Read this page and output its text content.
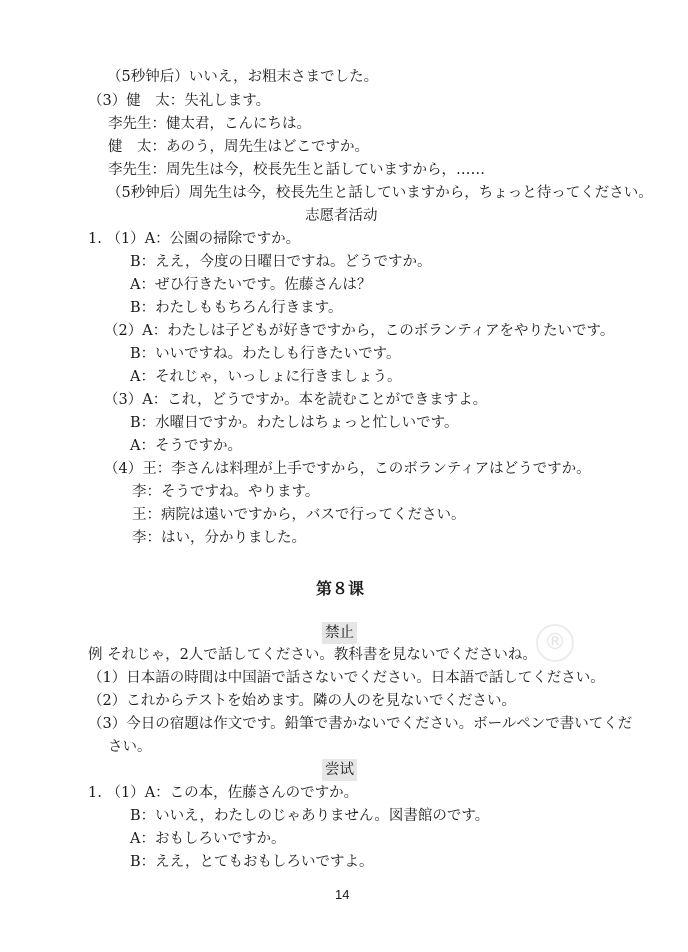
（5秒钟后）いいえ，お粗末さまでした。
（3）健　太：失礼します。
李先生：健太君，こんにちは。
健　太：あのう，周先生はどこですか。
李先生：周先生は今，校長先生と話していますから，……
（5秒钟后）周先生は今，校長先生と話していますから，ちょっと待ってください。
志愿者活动
1. （1）A：公園の掃除ですか。
B：ええ，今度の日曜日ですね。どうですか。
A：ぜひ行きたいです。佐藤さんは？
B：わたしももちろん行きます。
（2）A：わたしは子どもが好きですから，このボランティアをやりたいです。
B：いいですね。わたしも行きたいです。
A：それじゃ，いっしょに行きましょう。
（3）A：これ，どうですか。本を読むことができますよ。
B：水曜日ですか。わたしはちょっと忙しいです。
A：そうですか。
（4）王：李さんは料理が上手ですから，このボランティアはどうですか。
李：そうですね。やります。
王：病院は遠いですから，バスで行ってください。
李：はい，分かりました。
第８课
禁止
例 それじゃ，2人で話してください。教科書を見ないでくださいね。
（1）日本語の時間は中国語で話さないでください。日本語で話してください。
（2）これからテストを始めます。隣の人のを見ないでください。
（3）今日の宿題は作文です。鉛筆で書かないでください。ボールペンで書いてくだ
さい。
尝试
1. （1）A：この本，佐藤さんのですか。
B：いいえ，わたしのじゃありません。図書館のです。
A：おもしろいですか。
B：ええ，とてもおもしろいですよ。
®
14
